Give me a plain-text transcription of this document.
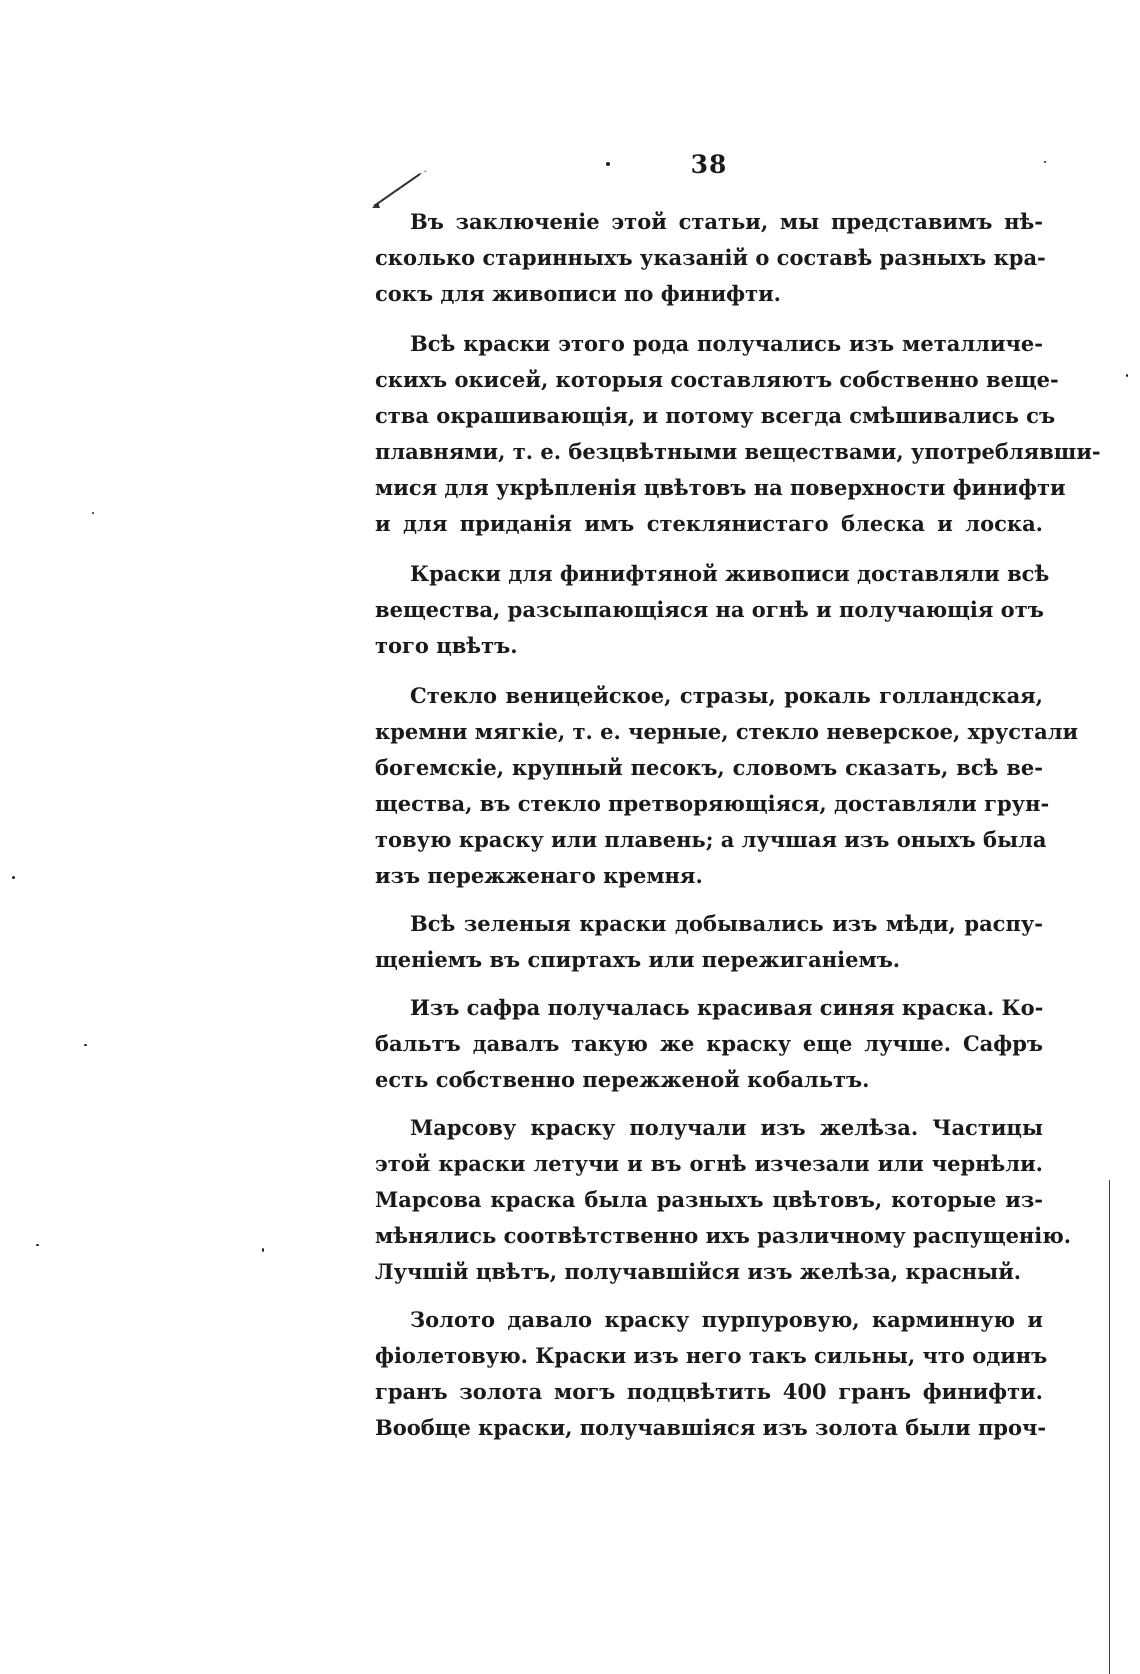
38
Въ заключеніе этой статьи, мы представимъ нѣ-
сколько старинныхъ указаній о составѣ разныхъ кра-
сокъ для живописи по финифти.
Всѣ краски этого рода получались изъ металличе-
скихъ окисей, которыя составляютъ собственно веще-
ства окрашивающія, и потому всегда смѣшивались съ
плавнями, т. е. безцвѣтными веществами, употреблявши-
мися для укрѣпленія цвѣтовъ на поверхности финифти
и для приданія имъ стеклянистаго блеска и лоска.
Краски для финифтяной живописи доставляли всѣ
вещества, разсыпающіяся на огнѣ и получающія отъ
того цвѣтъ.
Стекло веницейское, стразы, рокаль голландская,
кремни мягкіе, т. е. черные, стекло неверское, хрустали
богемскіе, крупный песокъ, словомъ сказать, всѣ ве-
щества, въ стекло претворяющіяся, доставляли грун-
товую краску или плавень; а лучшая изъ оныхъ была
изъ пережженаго кремня.
Всѣ зеленыя краски добывались изъ мѣди, распу-
щеніемъ въ спиртахъ или пережиганіемъ.
Изъ сафра получалась красивая синяя краска. Ко-
бальтъ давалъ такую же краску еще лучше. Сафръ
есть собственно пережженой кобальтъ.
Марсову краску получали изъ желѣза. Частицы
этой краски летучи и въ огнѣ изчезали или чернѣли.
Марсова краска была разныхъ цвѣтовъ, которые из-
мѣнялись соотвѣтственно ихъ различному распущенію.
Лучшій цвѣтъ, получавшійся изъ желѣза, красный.
Золото давало краску пурпуровую, карминную и
фіолетовую. Краски изъ него такъ сильны, что одинъ
гранъ золота могъ подцвѣтить 400 гранъ финифти.
Вообще краски, получавшіяся изъ золота были проч-
